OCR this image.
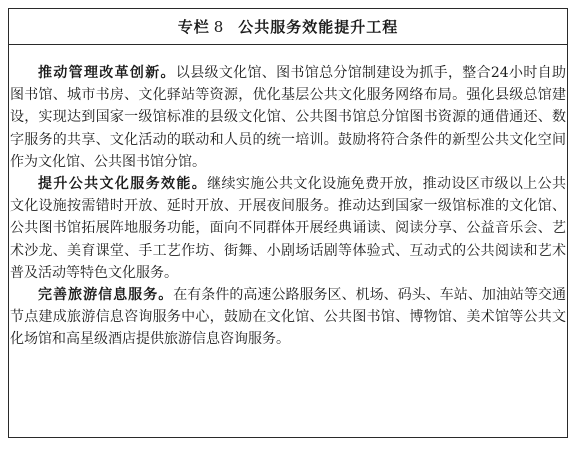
专栏 8 公共服务效能提升工程

推动管理改革创新。以县级文化馆、图书馆总分馆制建设为抓手，整合24小时自助图书馆、城市书房、文化驿站等资源，优化基层公共文化服务网络布局。强化县级总馆建设，实现达到国家一级馆标准的县级文化馆、公共图书馆总分馆图书资源的通借通还、数字服务的共享、文化活动的联动和人员的统一培训。鼓励将符合条件的新型公共文化空间作为文化馆、公共图书馆分馆。

提升公共文化服务效能。继续实施公共文化设施免费开放，推动设区市级以上公共文化设施按需错时开放、延时开放、开展夜间服务。推动达到国家一级馆标准的文化馆、公共图书馆拓展阵地服务功能，面向不同群体开展经典诵读、阅读分享、公益音乐会、艺术沙龙、美育课堂、手工艺作坊、街舞、小剧场话剧等体验式、互动式的公共阅读和艺术普及活动等特色文化服务。

完善旅游信息服务。在有条件的高速公路服务区、机场、码头、车站、加油站等交通节点建成旅游信息咨询服务中心，鼓励在文化馆、公共图书馆、博物馆、美术馆等公共文化场馆和高星级酒店提供旅游信息咨询服务。
